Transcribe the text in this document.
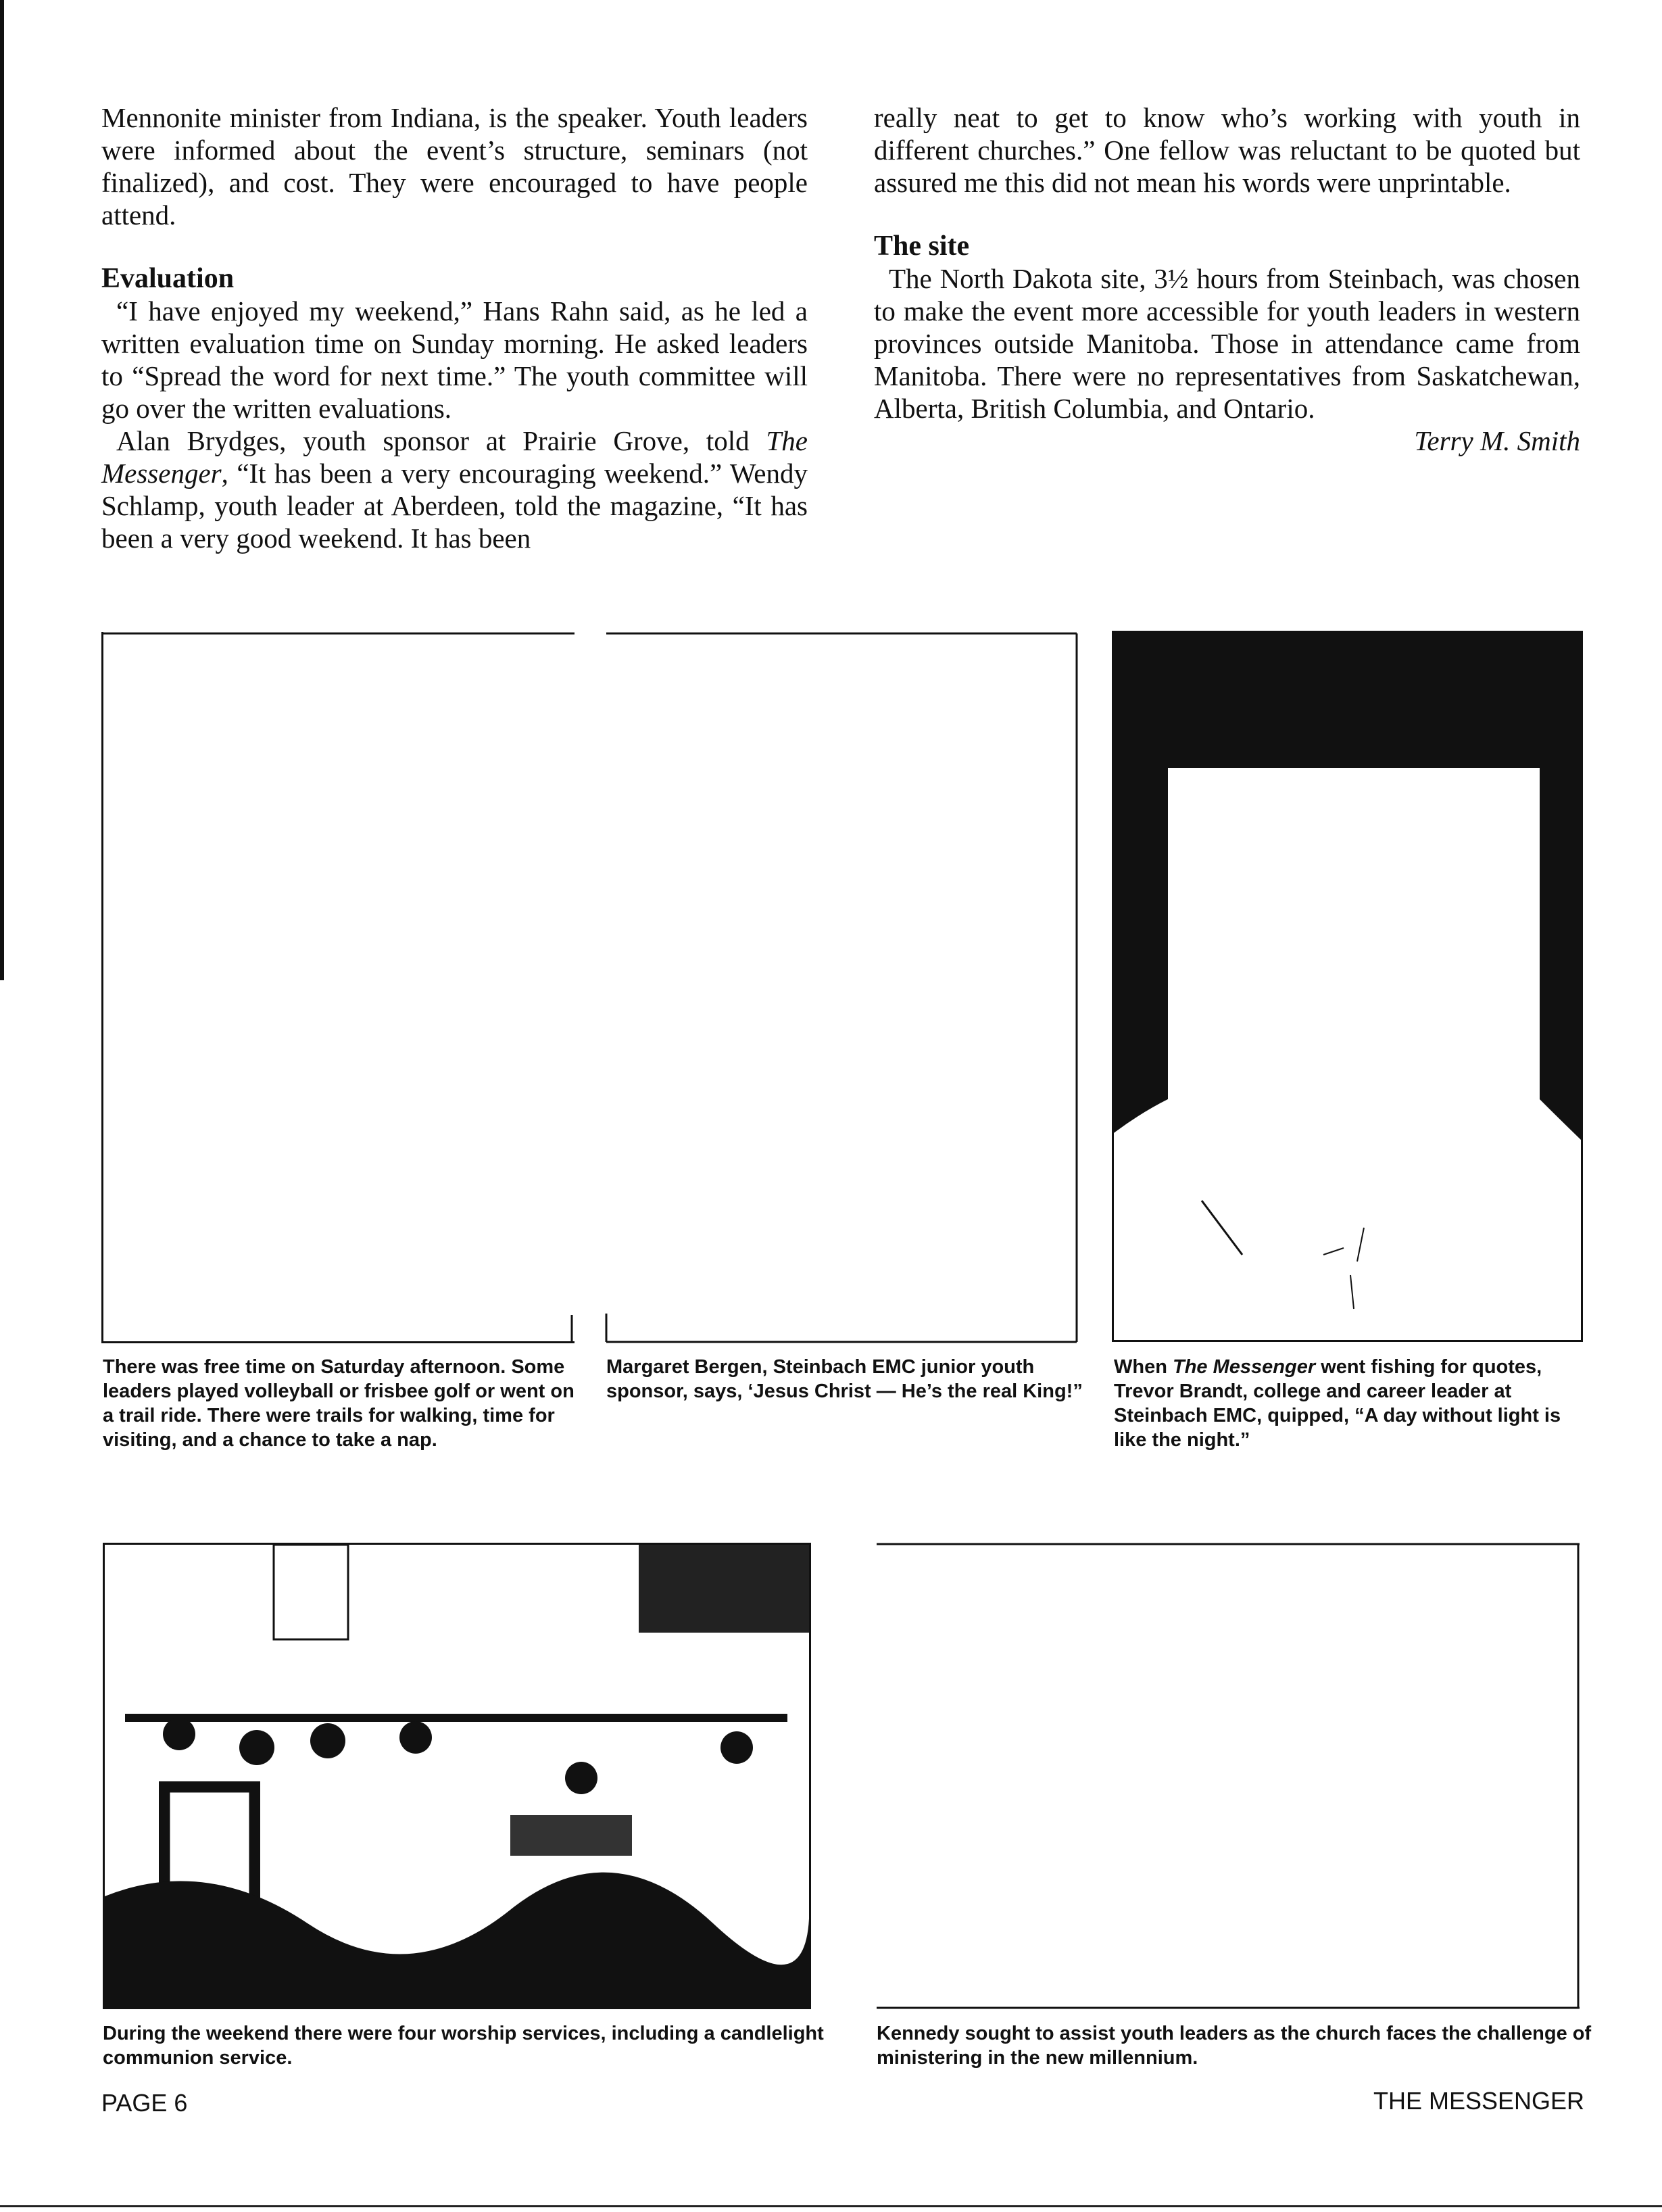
Mennonite minister from Indiana, is the speaker. Youth leaders were informed about the event’s structure, seminars (not finalized), and cost. They were encouraged to have people attend.

Evaluation

“I have enjoyed my weekend,” Hans Rahn said, as he led a written evaluation time on Sunday morning. He asked leaders to “Spread the word for next time.” The youth committee will go over the written evaluations.

Alan Brydges, youth sponsor at Prairie Grove, told The Messenger, “It has been a very encouraging weekend.” Wendy Schlamp, youth leader at Aberdeen, told the magazine, “It has been a very good weekend. It has been

really neat to get to know who’s working with youth in different churches.” One fellow was reluctant to be quoted but assured me this did not mean his words were unprintable.

The site

The North Dakota site, 3½ hours from Steinbach, was chosen to make the event more accessible for youth leaders in western provinces outside Manitoba. Those in attendance came from Manitoba. There were no representatives from Saskatchewan, Alberta, British Columbia, and Ontario.

Terry M. Smith

There was free time on Saturday afternoon. Some leaders played volleyball or frisbee golf or went on a trail ride. There were trails for walking, time for visiting, and a chance to take a nap.
Margaret Bergen, Steinbach EMC junior youth sponsor, says, ‘Jesus Christ — He’s the real King!”
When The Messenger went fishing for quotes, Trevor Brandt, college and career leader at Steinbach EMC, quipped, “A day without light is like the night.”
During the weekend there were four worship services, including a candlelight communion service.
Kennedy sought to assist youth leaders as the church faces the challenge of ministering in the new millennium.
PAGE 6	THE MESSENGER
